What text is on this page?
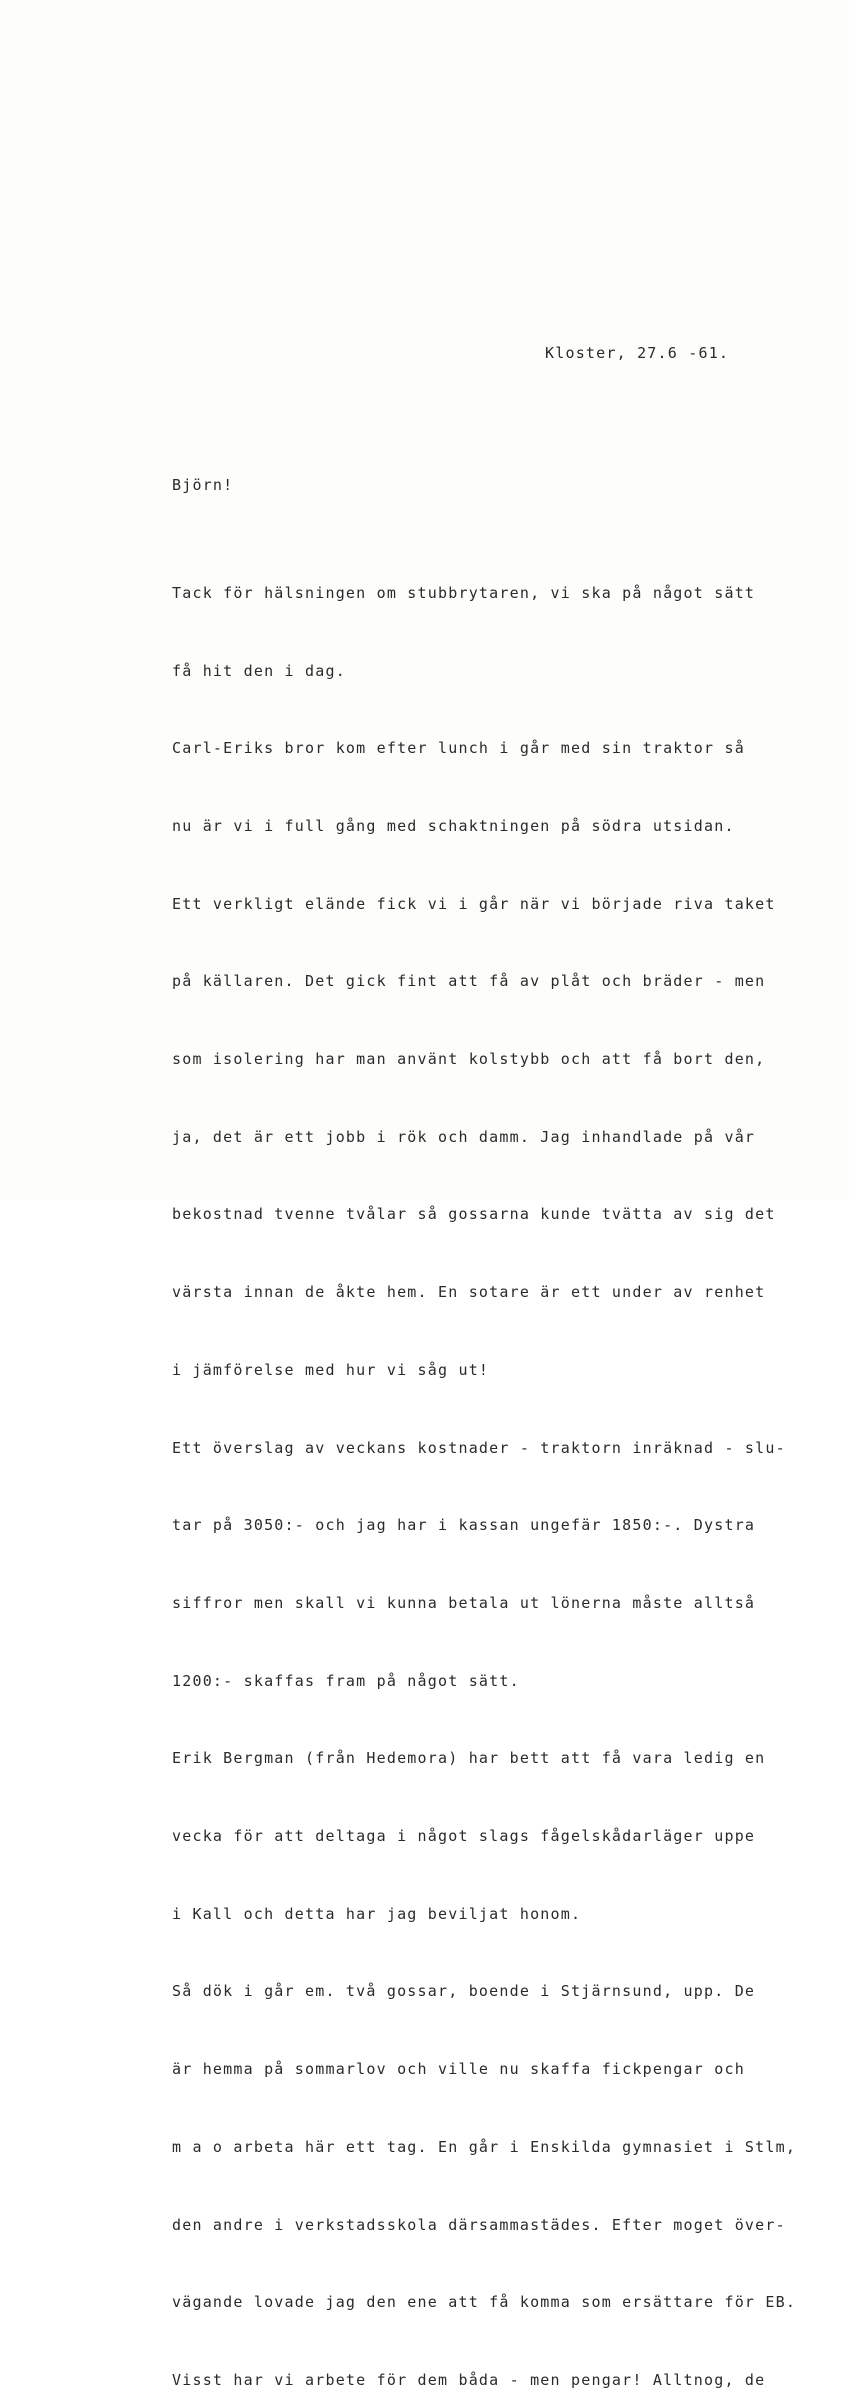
Kloster, 27.6 -61.
Björn!

Tack för hälsningen om stubbrytaren, vi ska på något sätt

få hit den i dag.

Carl-Eriks bror kom efter lunch i går med sin traktor så

nu är vi i full gång med schaktningen på södra utsidan.

Ett verkligt elände fick vi i går när vi började riva taket

på källaren. Det gick fint att få av plåt och bräder - men

som isolering har man använt kolstybb och att få bort den,

ja, det är ett jobb i rök och damm. Jag inhandlade på vår

bekostnad tvenne tvålar så gossarna kunde tvätta av sig det

värsta innan de åkte hem. En sotare är ett under av renhet

i jämförelse med hur vi såg ut!

Ett överslag av veckans kostnader - traktorn inräknad - slu-

tar på 3050:- och jag har i kassan ungefär 1850:-. Dystra

siffror men skall vi kunna betala ut lönerna måste alltså

1200:- skaffas fram på något sätt.

Erik Bergman (från Hedemora) har bett att få vara ledig en

vecka för att deltaga i något slags fågelskådarläger uppe

i Kall och detta har jag beviljat honom.

Så dök i går em. två gossar, boende i Stjärnsund, upp. De

är hemma på sommarlov och ville nu skaffa fickpengar och

m a o arbeta här ett tag. En går i Enskilda gymnasiet i Stlm,

den andre i verkstadsskola därsammastädes. Efter moget över-

vägande lovade jag den ene att få komma som ersättare för EB.

Visst har vi arbete för dem båda - men pengar! Alltnog, de
